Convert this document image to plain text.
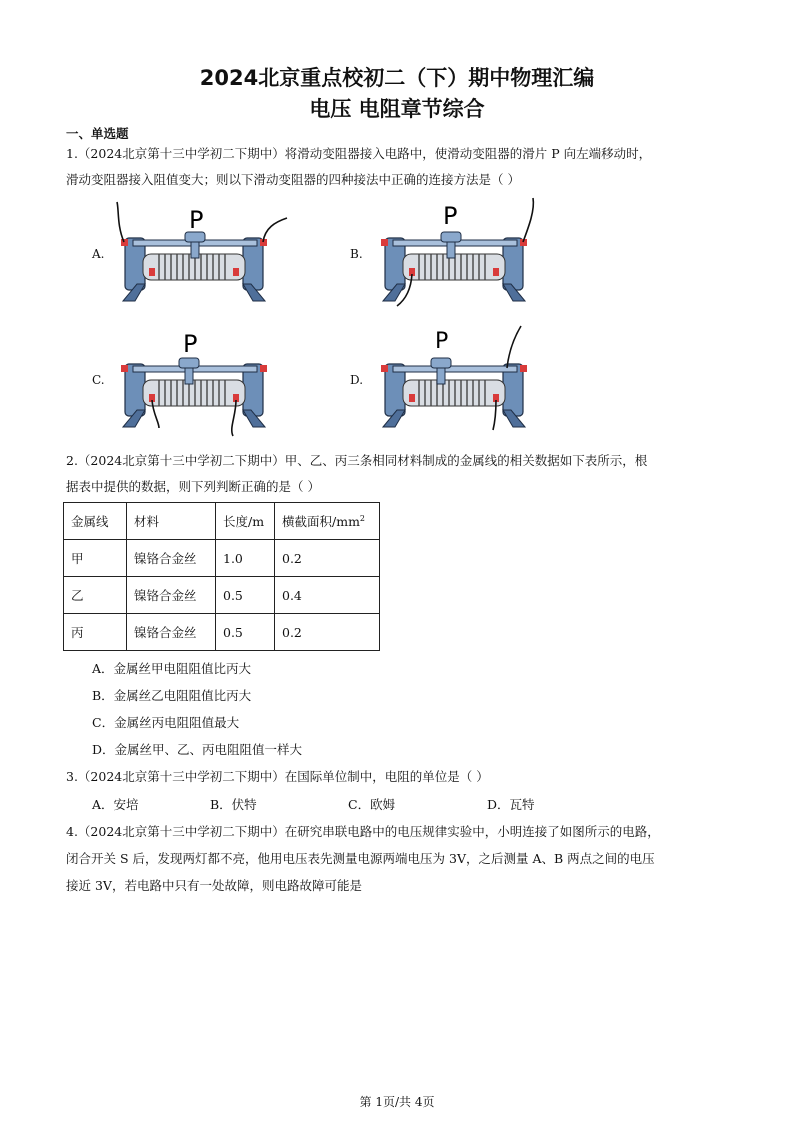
2024北京重点校初二（下）期中物理汇编
电压 电阻章节综合
一、单选题
1.（2024北京第十三中学初二下期中）将滑动变阻器接入电路中，使滑动变阻器的滑片 P 向左端移动时，
滑动变阻器接入阻值变大；则以下滑动变阻器的四种接法中正确的连接方法是（ ）
A.	B.
C.	D.
P	P
P	P
2.（2024北京第十三中学初二下期中）甲、乙、丙三条相同材料制成的金属线的相关数据如下表所示，根
据表中提供的数据，则下列判断正确的是（ ）
金属线	材料	长度/m	横截面积$/mm^2$
甲	镍铬合金丝	1.0	0.2
乙	镍铬合金丝	0.5	0.4
丙	镍铬合金丝	0.5	0.2
A．金属丝甲电阻阻值比丙大
B．金属丝乙电阻阻值比丙大
C．金属丝丙电阻阻值最大
D．金属丝甲、乙、丙电阻阻值一样大
3.（2024北京第十三中学初二下期中）在国际单位制中，电阻的单位是（ ）
A．安培	B．伏特	C．欧姆	D．瓦特
4.（2024北京第十三中学初二下期中）在研究串联电路中的电压规律实验中，小明连接了如图所示的电路，
闭合开关 S 后，发现两灯都不亮，他用电压表先测量电源两端电压为 3V，之后测量 A、B 两点之间的电压
接近 3V，若电路中只有一处故障，则电路故障可能是
第 1页/共 4页
